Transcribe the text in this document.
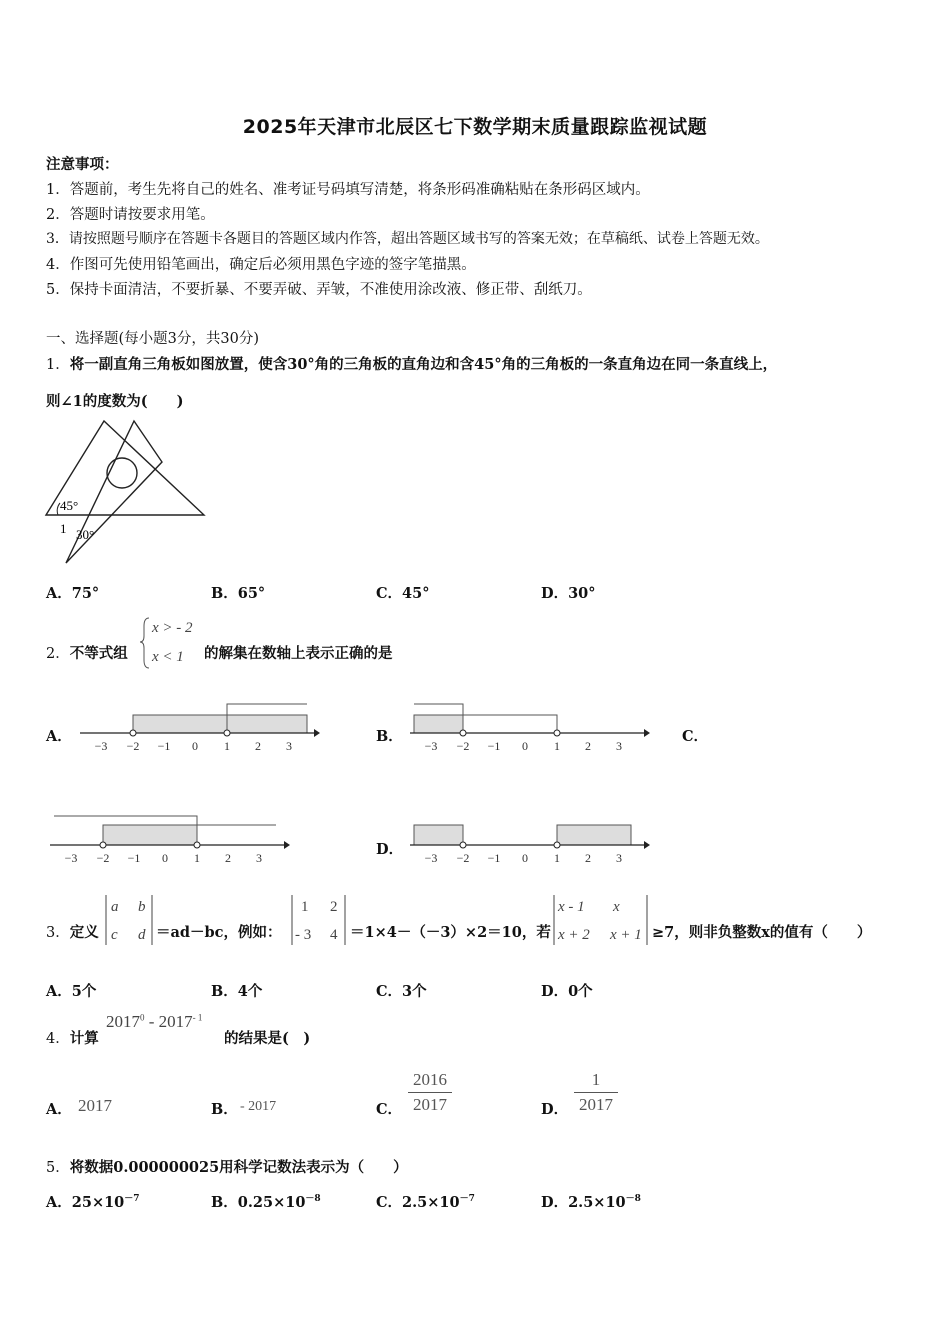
2025年天津市北辰区七下数学期末质量跟踪监视试题
注意事项：
1．答题前，考生先将自己的姓名、准考证号码填写清楚，将条形码准确粘贴在条形码区域内。
2．答题时请按要求用笔。
3．请按照题号顺序在答题卡各题目的答题区域内作答，超出答题区域书写的答案无效；在草稿纸、试卷上答题无效。
4．作图可先使用铅笔画出，确定后必须用黑色字迹的签字笔描黑。
5．保持卡面清洁，不要折暴、不要弄破、弄皱，不准使用涂改液、修正带、刮纸刀。
一、选择题(每小题3分，共30分)
1．将一副直角三角板如图放置，使含30°角的三角板的直角边和含45°角的三角板的一条直角边在同一条直线上，
则∠1的度数为(　　)
45°
1 30°
A．75°	B．65°	C．45°	D．30°
2．不等式组
x > - 2
x < 1 的解集在数轴上表示正确的是
A．	B．	C．
D．
−3 −2 −1 0 1 2 3	−3 −2 −1 0 1 2 3
−3 −2 −1 0 1 2 3	−3 −2 −1 0 1 2 3
3．定义
a b
c d ＝ad－bc，例如：
1 2
- 3 4 ＝1×4－（－3）×2＝10，若
x - 1 x
x + 2 x + 1 ≥7，则非负整数x的值有（　　）
A．5个	B．4个	C．3个	D．0个
4．计算
$2017^0 - 2017^{- 1}$
的结果是(　)
A． 2017	B． - 2017	C． $\frac{2016}{2017}$	D． $\frac{1}{2017}$
5．将数据0.000000025用科学记数法表示为（　　）
A．$25\times 10^{-7}$	B．$0.25\times 10^{-8}$	C．$2.5\times 10^{-7}$	D．$2.5\times 10^{-8}$
